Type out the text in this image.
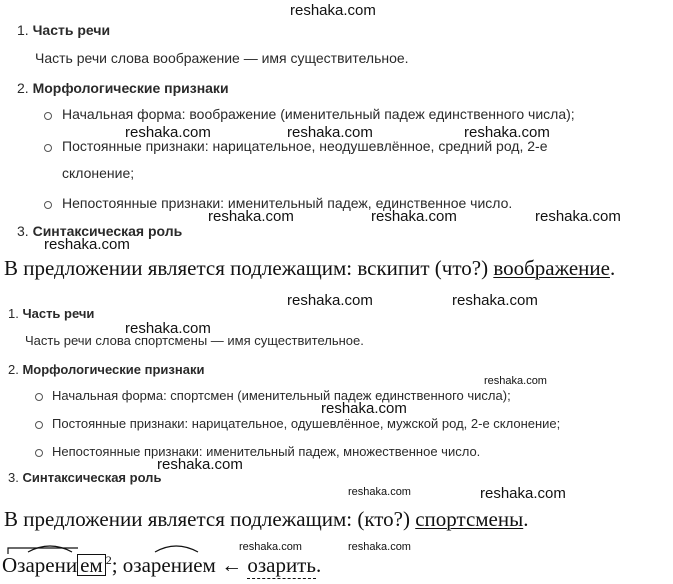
1. Часть речи
Часть речи слова воображение — имя существительное.
2. Морфологические признаки
Начальная форма: воображение (именительный падеж единственного числа);
Постоянные признаки: нарицательное, неодушевлённое, средний род, 2-е
склонение;
Непостоянные признаки: именительный падеж, единственное число.
3. Синтаксическая роль
В предложении является подлежащим: вскипит (что?) воображение.
1. Часть речи
Часть речи слова спортсмены — имя существительное.
2. Морфологические признаки
Начальная форма: спортсмен (именительный падеж единственного числа);
Постоянные признаки: нарицательное, одушевлённое, мужской род, 2-е склонение;
Непостоянные признаки: именительный падеж, множественное число.
3. Синтаксическая роль
В предложении является подлежащим: (кто?) спортсмены.
Озарени ем $^2$; озарением ← озарить.
reshaka.com
reshaka.com	reshaka.com	reshaka.com
reshaka.com	reshaka.com	reshaka.com
reshaka.com
reshaka.com	reshaka.com
reshaka.com
reshaka.com
reshaka.com
reshaka.com
reshaka.com	reshaka.com
reshaka.com	reshaka.com
